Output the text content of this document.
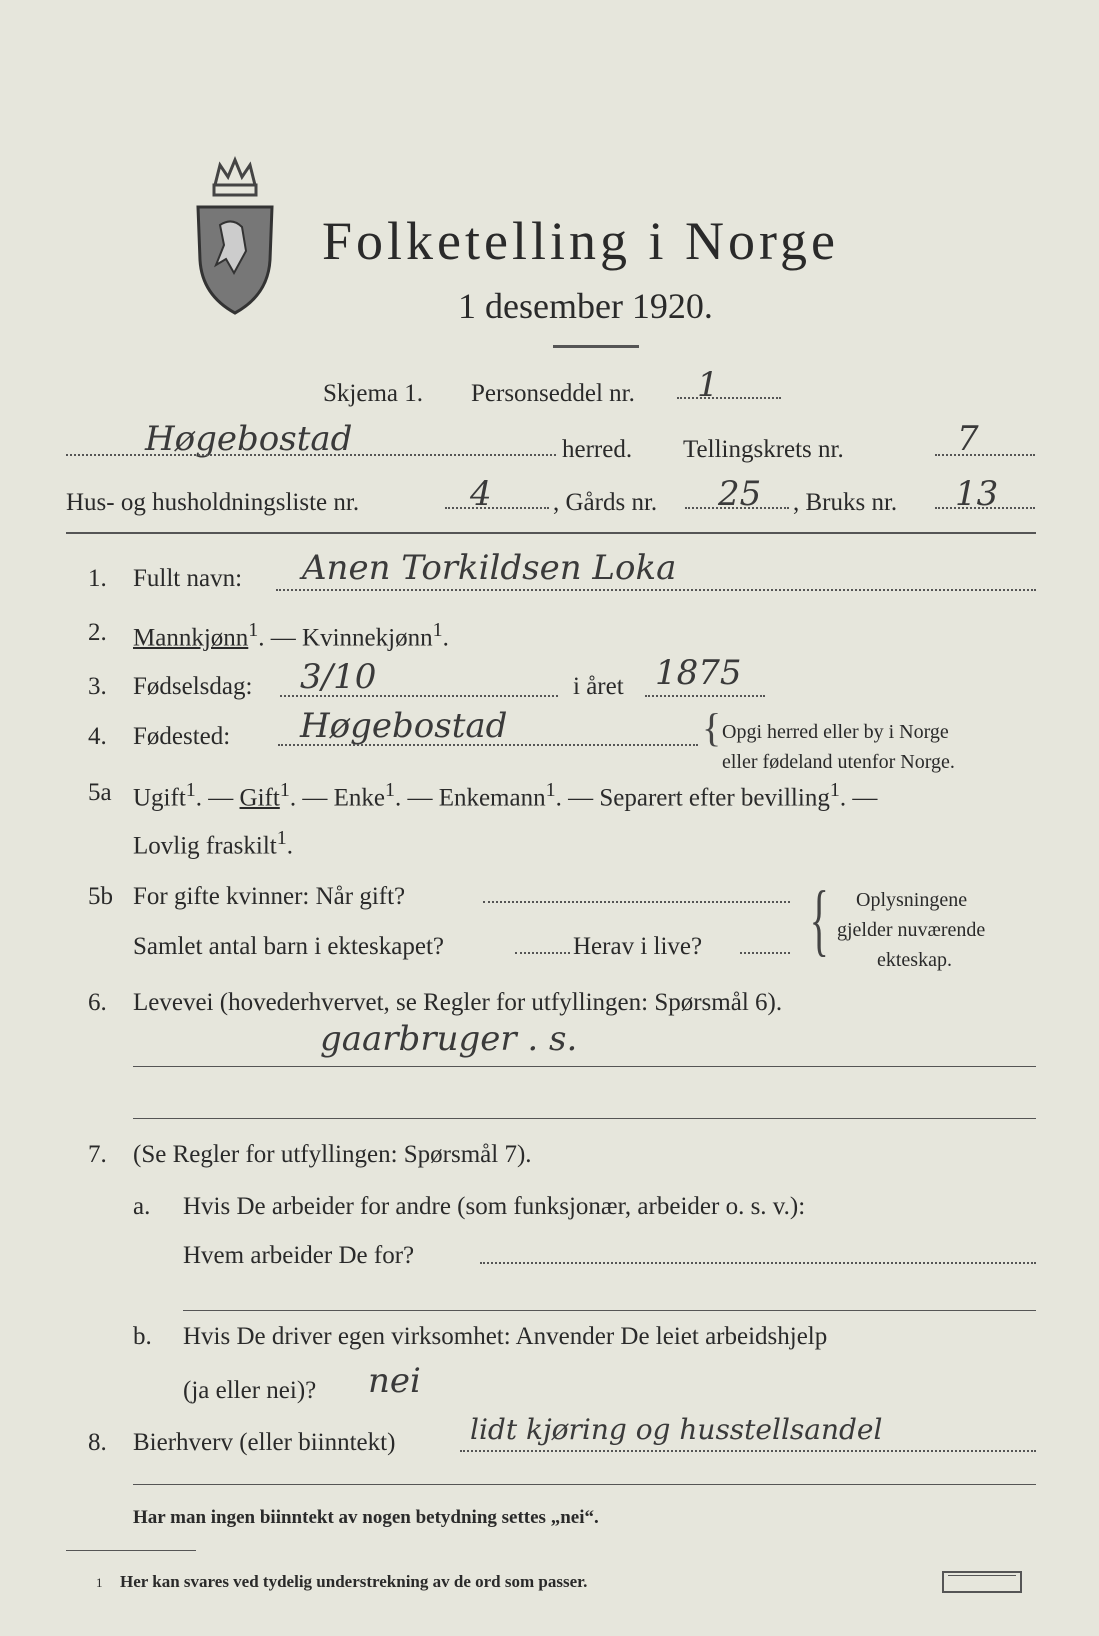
Folketelling i Norge
1 desember 1920.
Skjema 1. Personseddel nr. 1
Høgebostad	herred. Tellingskrets nr.	7
Hus- og husholdningsliste nr.	4 , Gårds nr. 25 , Bruks nr. 13
1. Fullt navn: Anen Torkildsen Loka
2. Mannkjønn$^1$. — Kvinnekjønn$^1$.
3. Fødselsdag: 3/10	i året 1875
4. Fødested: Høgebostad	{ Opgi herred eller by i Norge
eller fødeland utenfor Norge.
5a Ugift$^1$. — Gift$^1$. — Enke$^1$. — Enkemann$^1$. — Separert efter bevilling$^1$. —
Lovlig fraskilt$^1$.
5b For gifte kvinner: Når gift?
Samlet antal barn i ekteskapet?	Herav i live? { Oplysningene
gjelder nuværende
ekteskap.
6. Levevei (hovederhvervet, se Regler for utfyllingen: Spørsmål 6).
gaarbruger . s.
7. (Se Regler for utfyllingen: Spørsmål 7).
a. Hvis De arbeider for andre (som funksjonær, arbeider o. s. v.):
Hvem arbeider De for?
b. Hvis De driver egen virksomhet: Anvender De leiet arbeidshjelp
(ja eller nei)? nei
8. Bierhverv (eller biinntekt)	lidt kjøring og husstellsandel
Har man ingen biinntekt av nogen betydning settes „nei“.
1 Her kan svares ved tydelig understrekning av de ord som passer.
